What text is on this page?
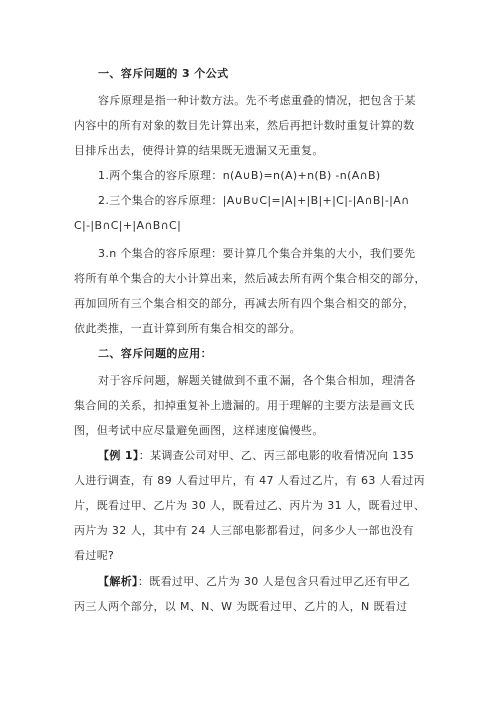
一、容斥问题的 3 个公式
容斥原理是指一种计数方法。先不考虑重叠的情况，把包含于某
内容中的所有对象的数目先计算出来，然后再把计数时重复计算的数
目排斥出去，使得计算的结果既无遗漏又无重复。
1.两个集合的容斥原理：n(A∪B)=n(A)+n(B) -n(A∩B)
2.三个集合的容斥原理：|A∪B∪C|=|A|+|B|+|C|-|A∩B|-|A∩
C|-|B∩C|+|A∩B∩C|
3.n 个集合的容斥原理：要计算几个集合并集的大小，我们要先
将所有单个集合的大小计算出来，然后减去所有两个集合相交的部分，
再加回所有三个集合相交的部分，再减去所有四个集合相交的部分，
依此类推，一直计算到所有集合相交的部分。
二、容斥问题的应用：
对于容斥问题，解题关键做到不重不漏，各个集合相加，理清各
集合间的关系，扣掉重复补上遗漏的。用于理解的主要方法是画文氏
图，但考试中应尽量避免画图，这样速度偏慢些。
【例 1】：某调查公司对甲、乙、丙三部电影的收看情况向 135
人进行调查，有 89 人看过甲片，有 47 人看过乙片，有 63 人看过丙
片，既看过甲、乙片为 30 人，既看过乙、丙片为 31 人，既看过甲、
丙片为 32 人，其中有 24 人三部电影都看过，问多少人一部也没有
看过呢?
【解析】：既看过甲、乙片为 30 人是包含只看过甲乙还有甲乙
丙三人两个部分，以 M、N、W 为既看过甲、乙片的人，N 既看过
